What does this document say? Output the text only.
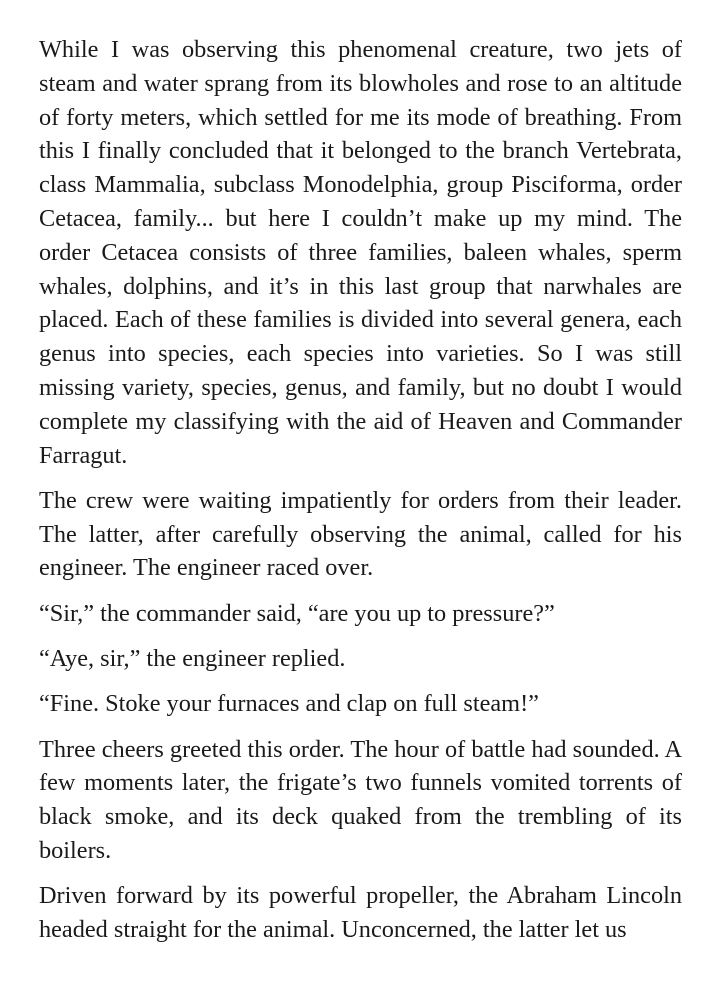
While I was observing this phenomenal creature, two jets of steam and water sprang from its blowholes and rose to an altitude of forty meters, which settled for me its mode of breathing. From this I finally concluded that it belonged to the branch Vertebrata, class Mammalia, subclass Monodelphia, group Pisciforma, order Cetacea, family... but here I couldn’t make up my mind. The order Cetacea consists of three families, baleen whales, sperm whales, dolphins, and it’s in this last group that narwhales are placed. Each of these families is divided into several genera, each genus into species, each species into varieties. So I was still missing variety, species, genus, and family, but no doubt I would complete my classifying with the aid of Heaven and Commander Farragut.

The crew were waiting impatiently for orders from their leader. The latter, after carefully observing the animal, called for his engineer. The engineer raced over.

“Sir,” the commander said, “are you up to pressure?”

“Aye, sir,” the engineer replied.

“Fine. Stoke your furnaces and clap on full steam!”

Three cheers greeted this order. The hour of battle had sounded. A few moments later, the frigate’s two funnels vomited torrents of black smoke, and its deck quaked from the trembling of its boilers.

Driven forward by its powerful propeller, the Abraham Lincoln headed straight for the animal. Unconcerned, the latter let us
